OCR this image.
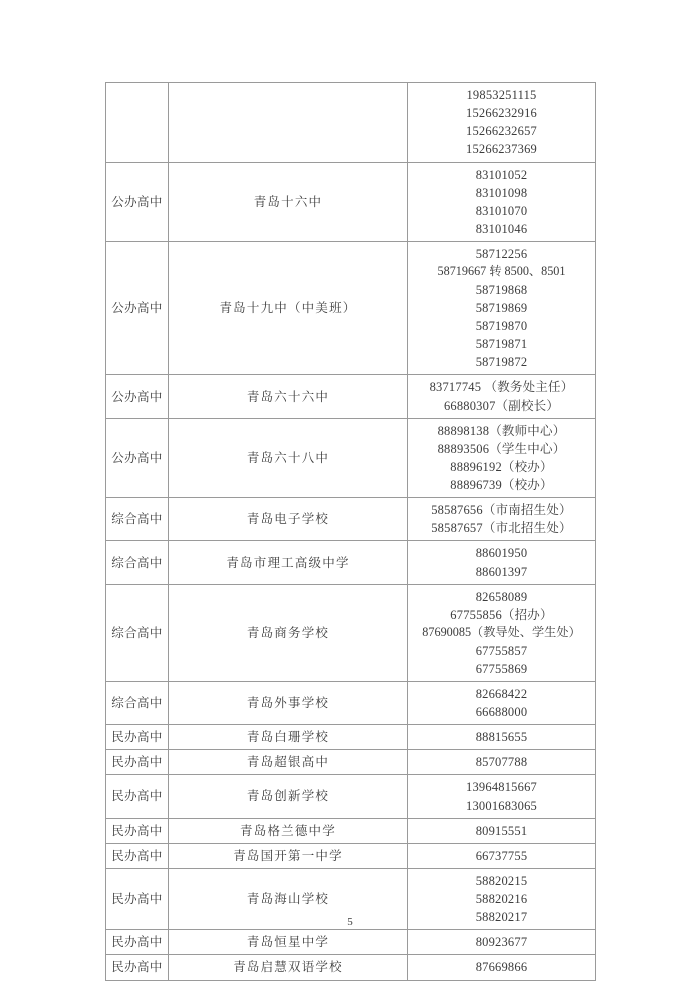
		19853251115
15266232916
15266232657
15266237369

公办高中	青岛十六中	83101052
83101098
83101070
83101046

公办高中	青岛十九中（中美班）	
58712256
58719667 转 8500、8501
58719868
58719869
58719870
58719871
58719872

公办高中	青岛六十六中	83717745 （教务处主任）
66880307（副校长）

公办高中	青岛六十八中	88898138（教师中心）
88893506（学生中心）
88896192（校办）
88896739（校办）

综合高中	青岛电子学校	58587656（市南招生处）
58587657（市北招生处）

综合高中	青岛市理工高级中学	88601950
88601397

综合高中	青岛商务学校	82658089
67755856（招办）
87690085（教导处、学生处）
67755857
67755869

综合高中	青岛外事学校	82668422
66688000

民办高中	青岛白珊学校	88815655

民办高中	青岛超银高中	85707788

民办高中	青岛创新学校	13964815667
13001683065

民办高中	青岛格兰德中学	80915551

民办高中	青岛国开第一中学	66737755

民办高中	青岛海山学校	58820215
58820216
58820217

民办高中	青岛恒星中学	80923677

民办高中	青岛启慧双语学校	87669866
5
